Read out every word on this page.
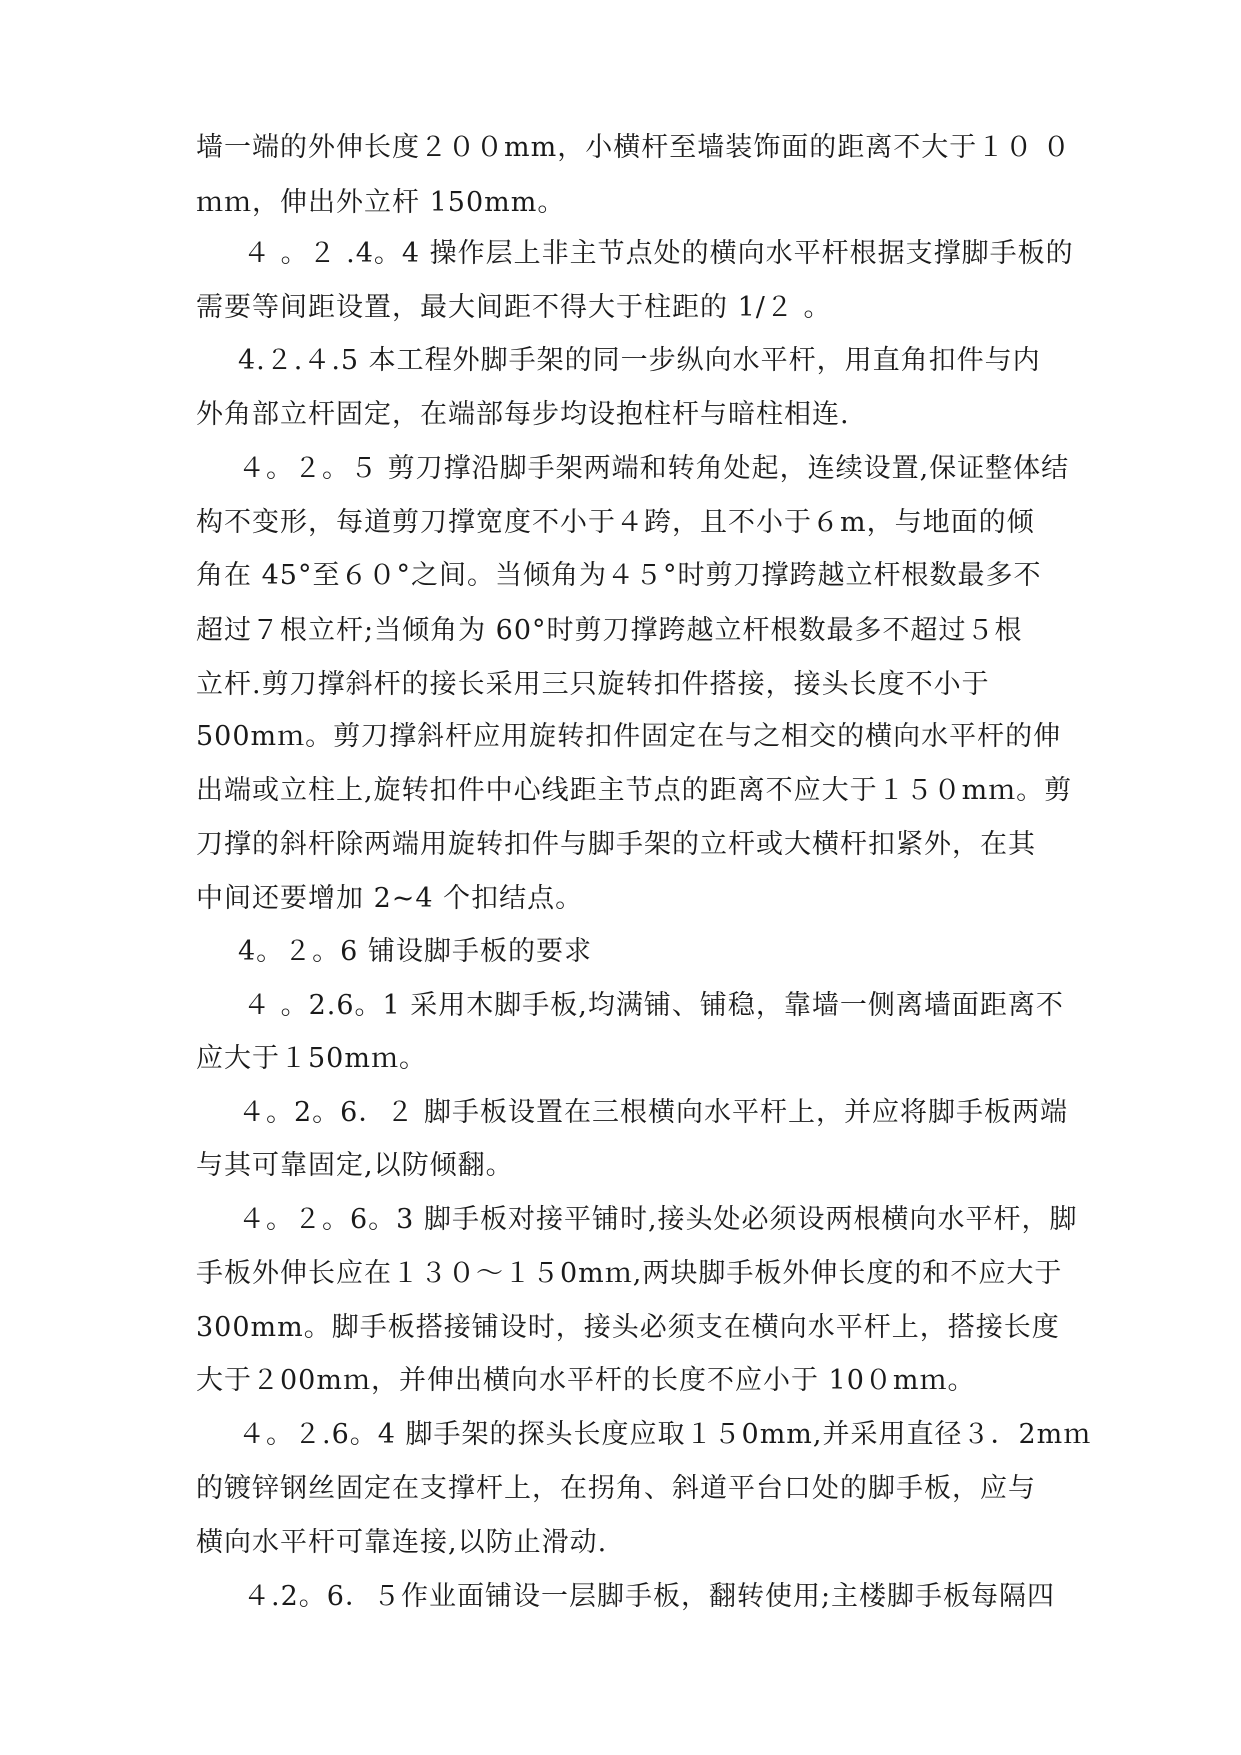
墙一端的外伸长度２００mm，小横杆至墙装饰面的距离不大于１０ ０
ｍｍ，伸出外立杆 150mm。
４ 。２ .4。4 操作层上非主节点处的横向水平杆根据支撑脚手板的
需要等间距设置，最大间距不得大于柱距的 1/２ 。
4.２.４.5 本工程外脚手架的同一步纵向水平杆，用直角扣件与内
外角部立杆固定，在端部每步均设抱柱杆与暗柱相连.
４。２。５ 剪刀撑沿脚手架两端和转角处起，连续设置,保证整体结
构不变形，每道剪刀撑宽度不小于４跨，且不小于６m，与地面的倾
角在 45°至６０°之间。当倾角为４５°时剪刀撑跨越立杆根数最多不
超过７根立杆;当倾角为 60°时剪刀撑跨越立杆根数最多不超过５根
立杆.剪刀撑斜杆的接长采用三只旋转扣件搭接，接头长度不小于
500mｍ。剪刀撑斜杆应用旋转扣件固定在与之相交的横向水平杆的伸
出端或立柱上,旋转扣件中心线距主节点的距离不应大于１５０mｍ。剪
刀撑的斜杆除两端用旋转扣件与脚手架的立杆或大横杆扣紧外，在其
中间还要增加 2~4 个扣结点。
4。２。6 铺设脚手板的要求
４ 。2.6。1 采用木脚手板,均满铺、铺稳，靠墙一侧离墙面距离不
应大于１50mｍ。
４。2。6．２ 脚手板设置在三根横向水平杆上，并应将脚手板两端
与其可靠固定,以防倾翻。
４。２。6。3 脚手板对接平铺时,接头处必须设两根横向水平杆，脚
手板外伸长应在１３０～１５0mｍ,两块脚手板外伸长度的和不应大于
300mm。脚手板搭接铺设时，接头必须支在横向水平杆上，搭接长度
大于２00mｍ，并伸出横向水平杆的长度不应小于 10０mｍ。
４。２.6。4 脚手架的探头长度应取１５0mm,并采用直径３．2mｍ
的镀锌钢丝固定在支撑杆上，在拐角、斜道平台口处的脚手板，应与
横向水平杆可靠连接,以防止滑动.
４.2。6．５作业面铺设一层脚手板，翻转使用;主楼脚手板每隔四
